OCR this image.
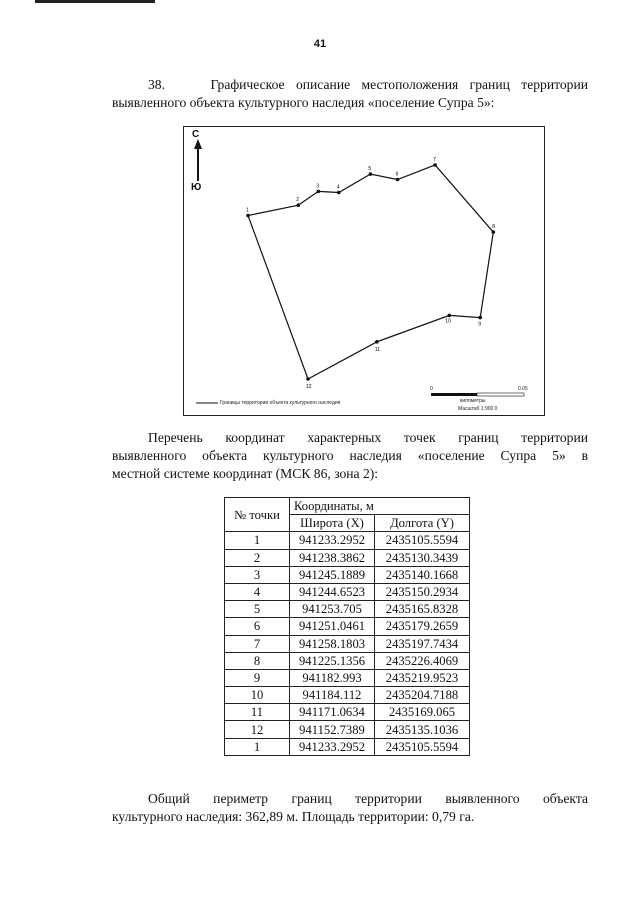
41
38.    Графическое описание местоположения границ территории
выявленного объекта культурного наследия «поселение Супра 5»:
С
Ю
1
2
3	4
5
6
7
8
9
10
11
12
Границы территории объекта культурного наследия
0	0.05
километры
Масштаб 1:900.0
Перечень координат характерных точек границ территории
выявленного объекта культурного наследия «поселение Супра 5» в
местной системе координат (МСК 86, зона 2):
№ точки	Координаты, м	
	Широта (X)	Долгота (Y)
1	941233.2952	2435105.5594
2	941238.3862	2435130.3439
3	941245.1889	2435140.1668
4	941244.6523	2435150.2934
5	941253.705	2435165.8328
6	941251.0461	2435179.2659
7	941258.1803	2435197.7434
8	941225.1356	2435226.4069
9	941182.993	2435219.9523
10	941184.112	2435204.7188
11	941171.0634	2435169.065
12	941152.7389	2435135.1036
1	941233.2952	2435105.5594
Общий периметр границ территории выявленного объекта
культурного наследия: 362,89 м. Площадь территории: 0,79 га.
